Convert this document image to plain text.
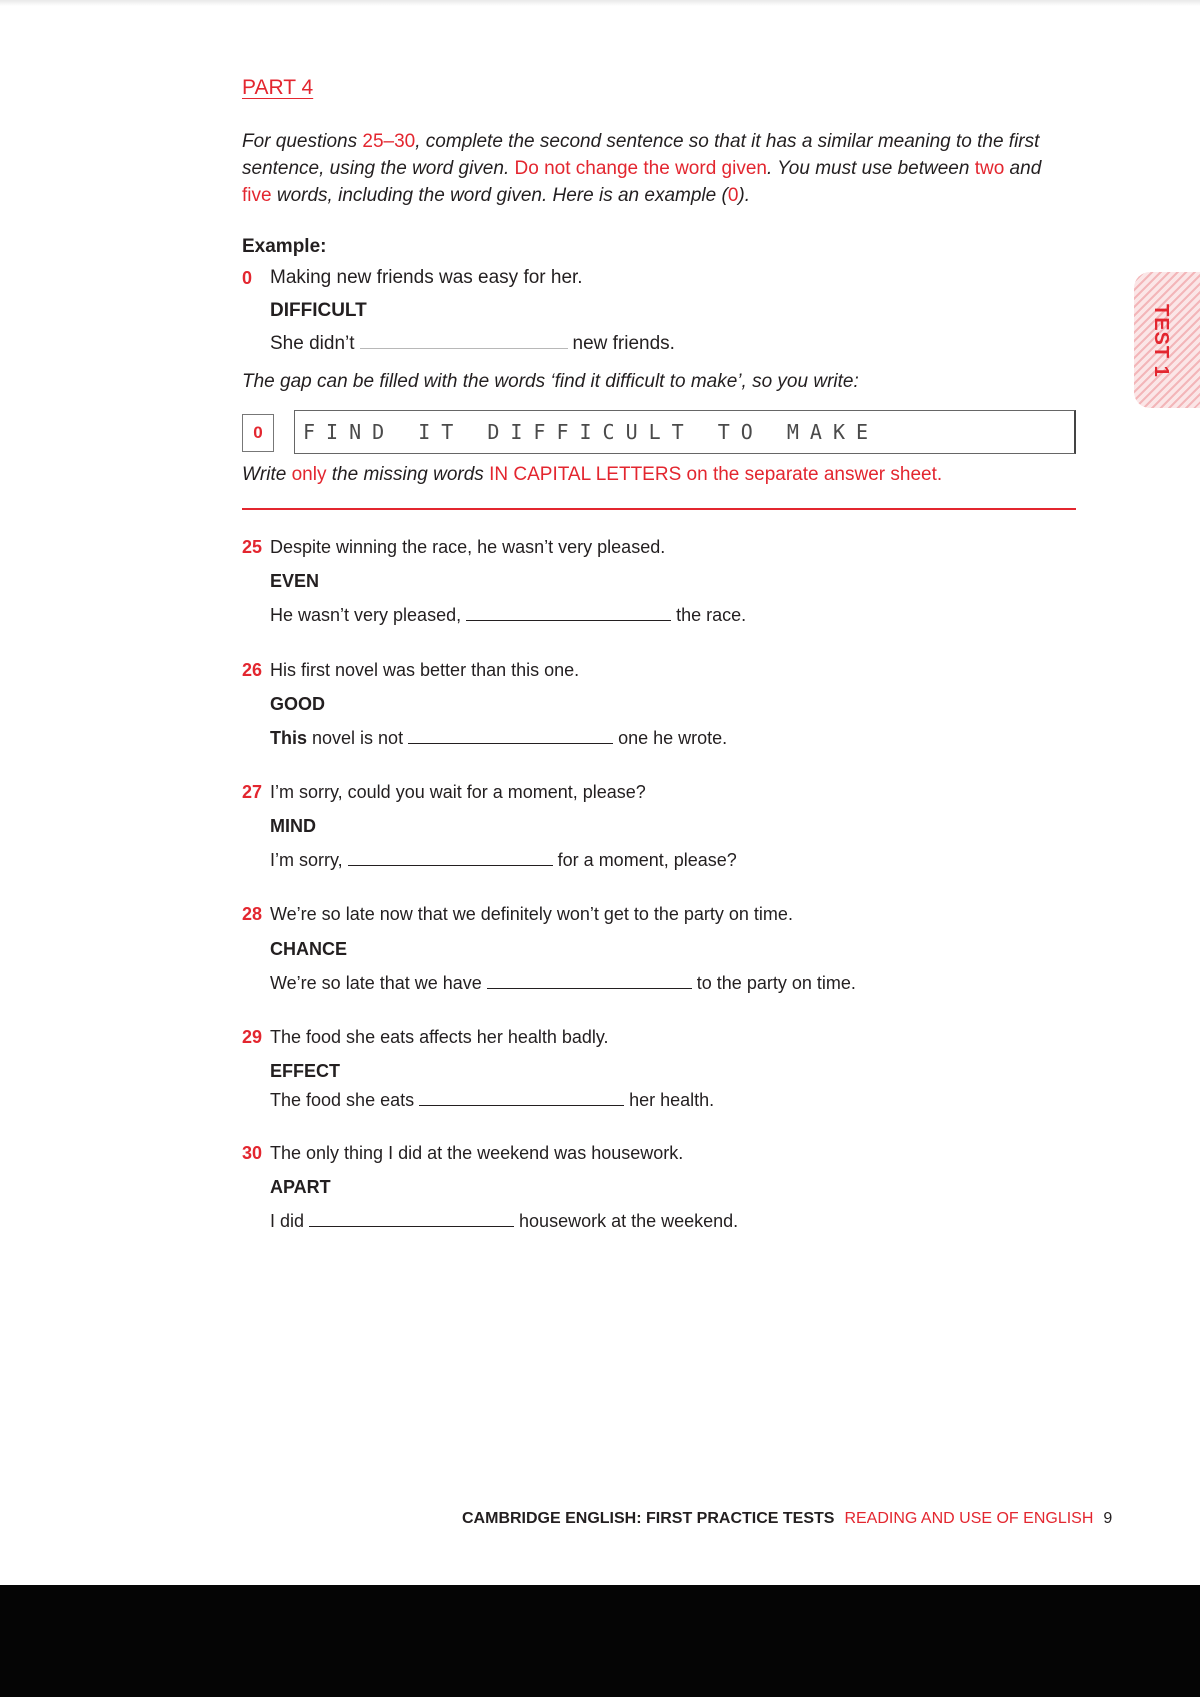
PART 4

For questions 25–30, complete the second sentence so that it has a similar meaning to the first sentence, using the word given. Do not change the word given. You must use between two and five words, including the word given. Here is an example (0).

Example:

0 Making new friends was easy for her.
DIFFICULT
She didn’t	new friends.

The gap can be filled with the words ‘find it difficult to make’, so you write:

0	FIND IT DIFFICULT TO MAKE

Write only the missing words IN CAPITAL LETTERS on the separate answer sheet.

25 Despite winning the race, he wasn’t very pleased.
EVEN
He wasn’t very pleased,	the race.
26 His first novel was better than this one.
GOOD
This novel is not	one he wrote.
27 I’m sorry, could you wait for a moment, please?
MIND
I’m sorry,	for a moment, please?
28 We’re so late now that we definitely won’t get to the party on time.
CHANCE
We’re so late that we have	to the party on time.
29 The food she eats affects her health badly.
EFFECT
The food she eats	her health.
30 The only thing I did at the weekend was housework.
APART
I did	housework at the weekend.
TEST 1
CAMBRIDGE ENGLISH: FIRST PRACTICE TESTS READING AND USE OF ENGLISH 9
